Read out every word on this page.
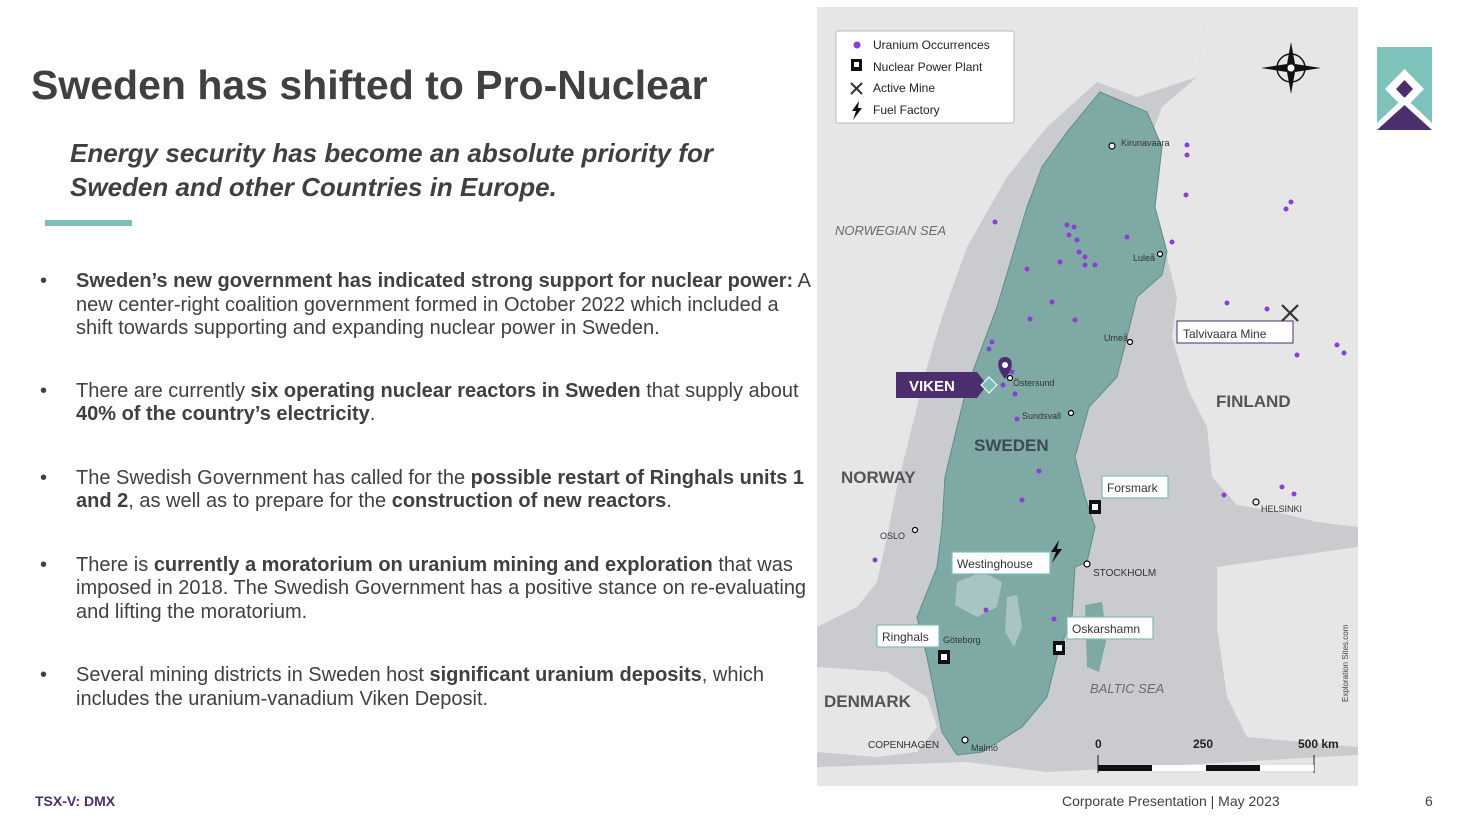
Sweden has shifted to Pro-Nuclear
Energy security has become an absolute priority for
Sweden and other Countries in Europe.
• Sweden’s new government has indicated strong support for nuclear power: A new center-right coalition government formed in October 2022 which included a shift towards supporting and expanding nuclear power in Sweden.
• There are currently six operating nuclear reactors in Sweden that supply about 40% of the country’s electricity.
• The Swedish Government has called for the possible restart of Ringhals units 1 and 2, as well as to prepare for the construction of new reactors.
• There is currently a moratorium on uranium mining and exploration that was imposed in 2018. The Swedish Government has a positive stance on re-evaluating and lifting the moratorium.
• Several mining districts in Sweden host significant uranium deposits, which includes the uranium-vanadium Viken Deposit.
TSX-V: DMX	Corporate Presentation | May 2023	6
NORWEGIAN SEA
BALTIC SEA
NORWAY
SWEDEN
FINLAND
DENMARK
Kirunavaara
Luleå
Umeå
Östersund
Sundsvall
OSLO
STOCKHOLM
HELSINKI
Göteborg
COPENHAGEN	Malmö
Talvivaara Mine
Forsmark
Westinghouse
Ringhals
Oskarshamn
VIKEN
Uranium Occurrences
Nuclear Power Plant
Active Mine
Fuel Factory
0	250	500 km
Exploration Sites.com
